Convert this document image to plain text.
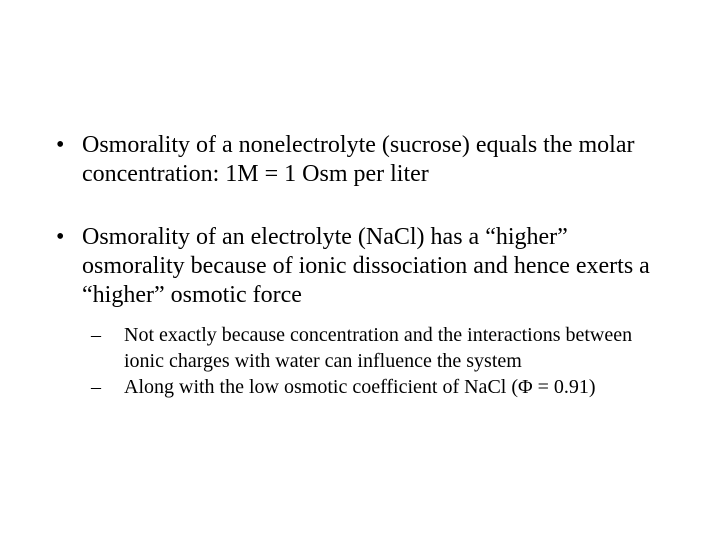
• Osmorality of a nonelectrolyte (sucrose) equals the molar concentration: 1M = 1 Osm per liter
• Osmorality of an electrolyte (NaCl) has a “higher” osmorality because of ionic dissociation and hence exerts a “higher” osmotic force
– Not exactly because concentration and the interactions between ionic charges with water can influence the system
– Along with the low osmotic coefficient of NaCl (Φ = 0.91)
